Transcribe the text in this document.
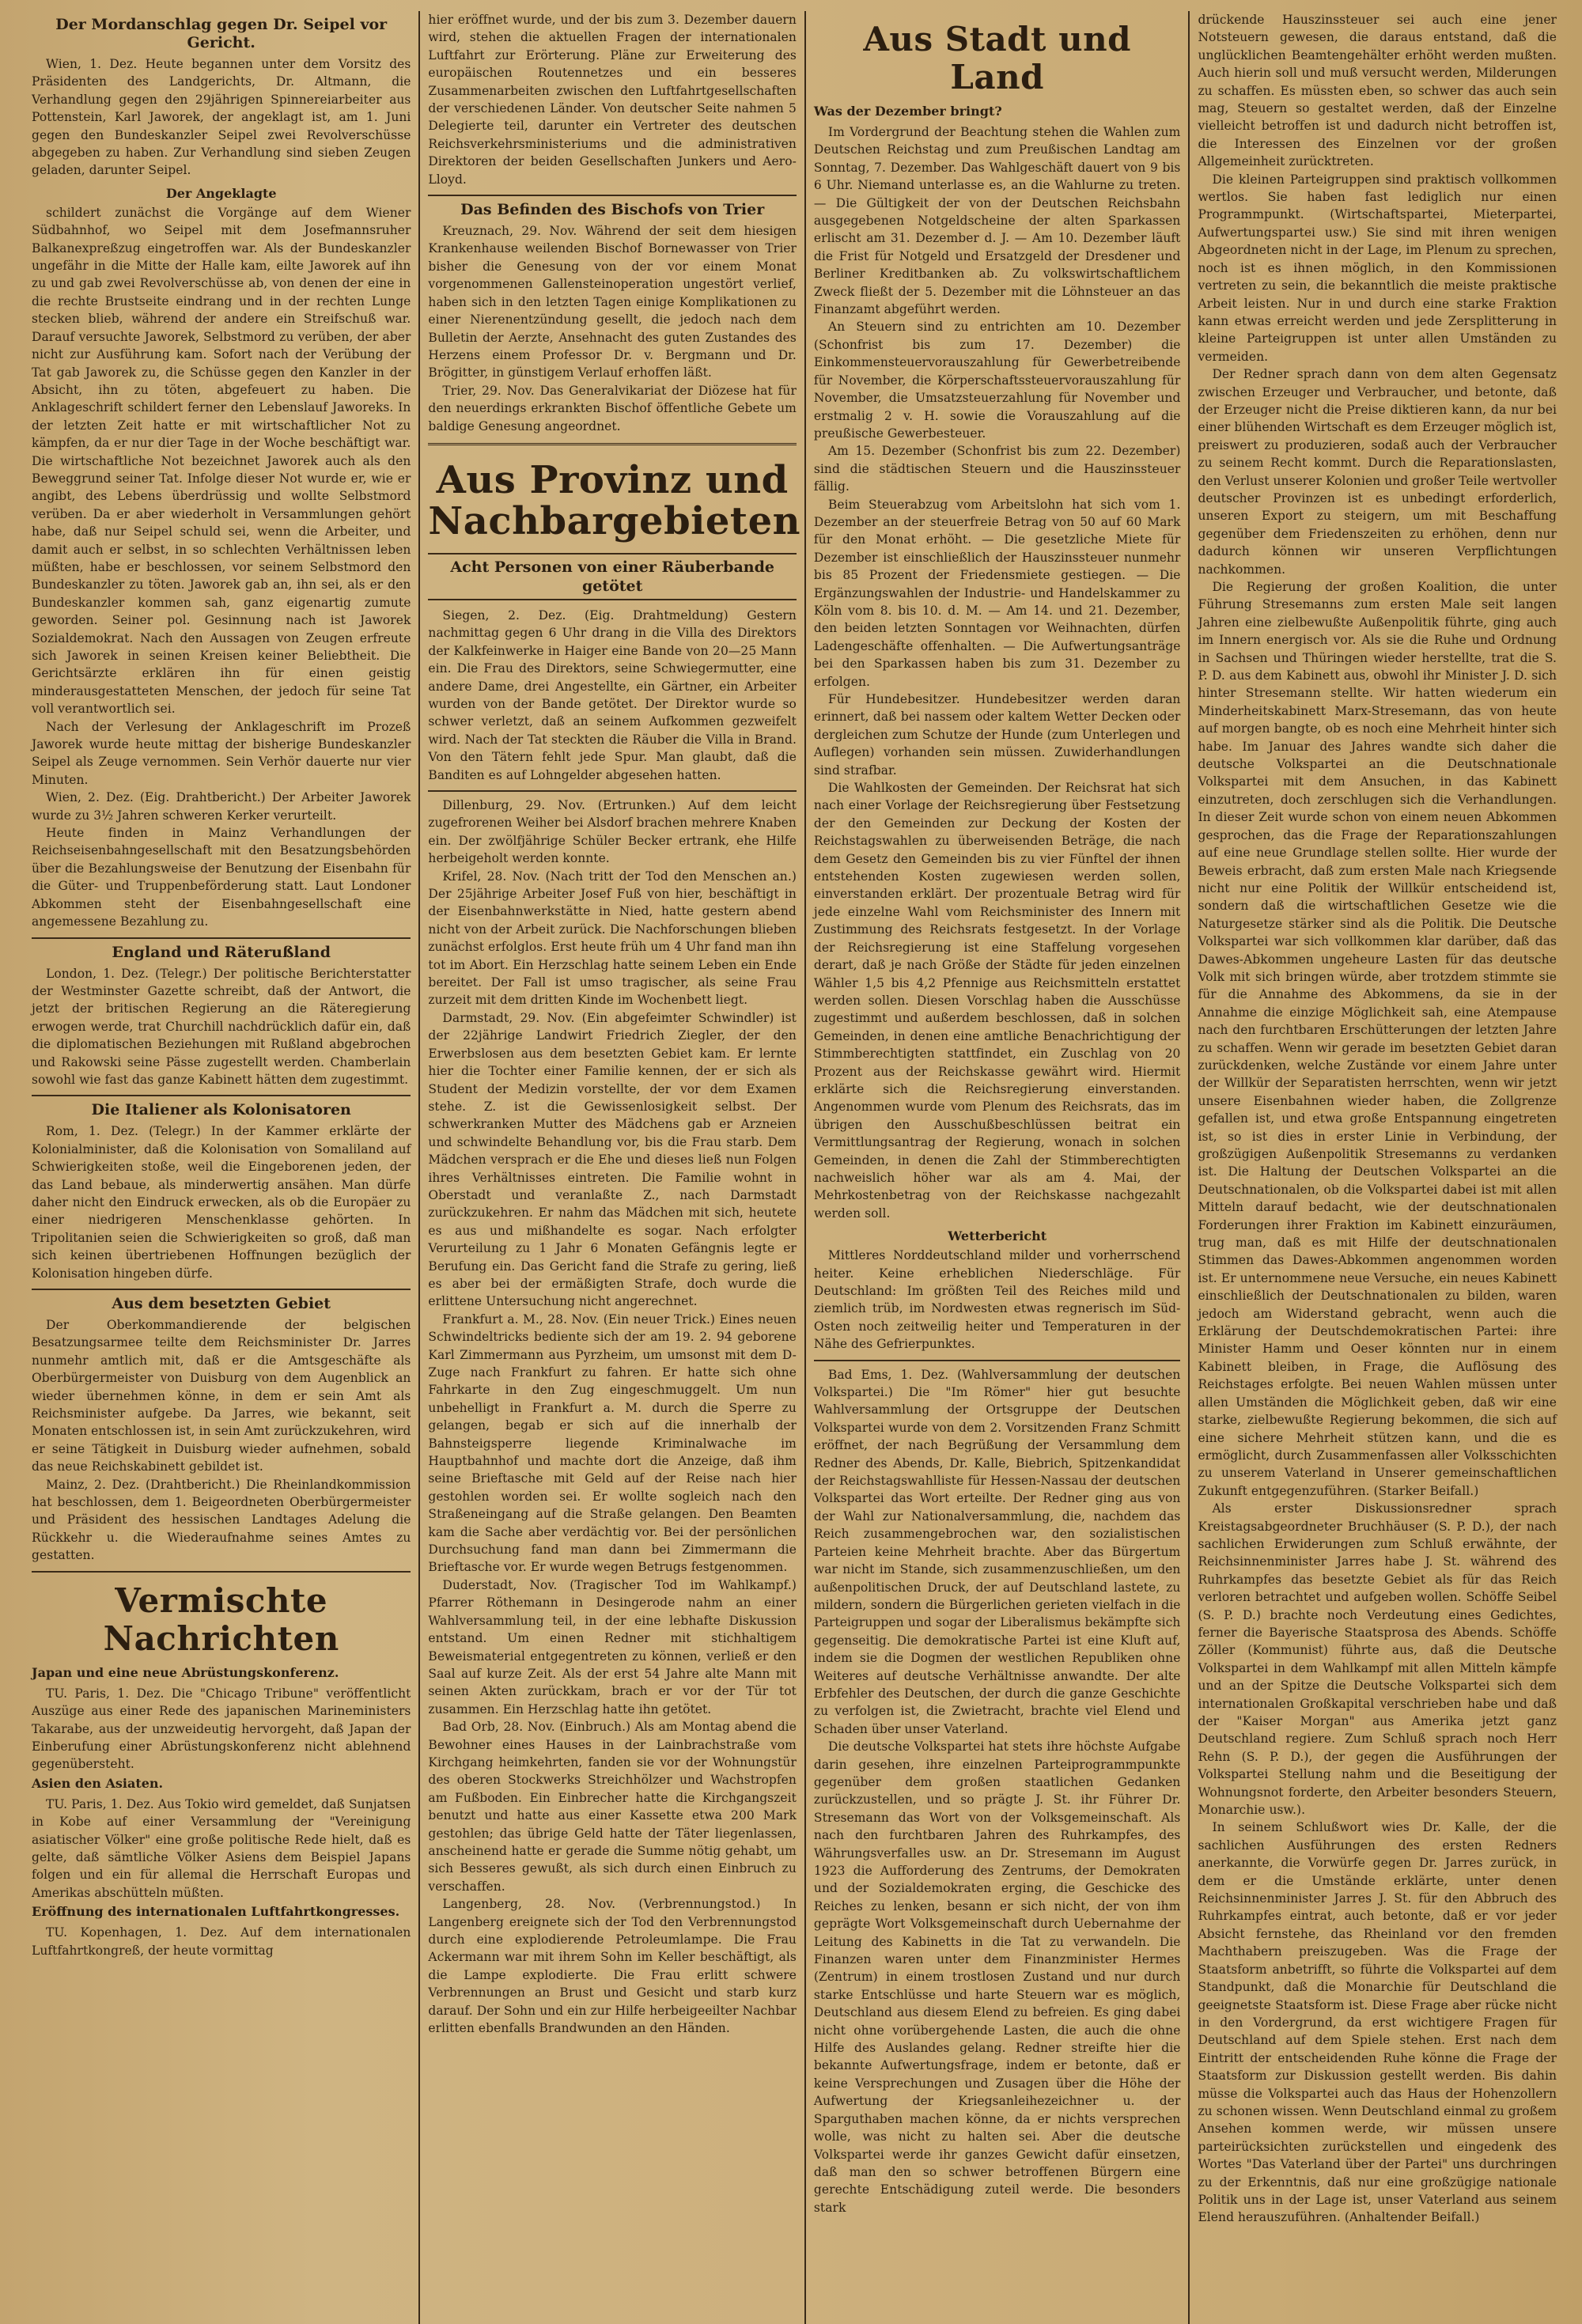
Der Mordanschlag gegen Dr. Seipel vor Gericht.

Wien, 1. Dez. Heute begannen unter dem Vorsitz des Präsidenten des Landgerichts, Dr. Altmann, die Verhandlung gegen den 29jährigen Spinnereiarbeiter aus Pottenstein, Karl Jaworek, der angeklagt ist, am 1. Juni gegen den Bundeskanzler Seipel zwei Revolverschüsse abgegeben zu haben. Zur Verhandlung sind sieben Zeugen geladen, darunter Seipel.

Der Angeklagte

schildert zunächst die Vorgänge auf dem Wiener Südbahnhof, wo Seipel mit dem Josefmannsruher Balkanexpreßzug eingetroffen war. Als der Bundeskanzler ungefähr in die Mitte der Halle kam, eilte Jaworek auf ihn zu und gab zwei Revolverschüsse ab, von denen der eine in die rechte Brustseite eindrang und in der rechten Lunge stecken blieb, während der andere ein Streifschuß war. Darauf versuchte Jaworek, Selbstmord zu verüben, der aber nicht zur Ausführung kam. Sofort nach der Verübung der Tat gab Jaworek zu, die Schüsse gegen den Kanzler in der Absicht, ihn zu töten, abgefeuert zu haben. Die Anklageschrift schildert ferner den Lebenslauf Jaworeks. In der letzten Zeit hatte er mit wirtschaftlicher Not zu kämpfen, da er nur dier Tage in der Woche beschäftigt war. Die wirtschaftliche Not bezeichnet Jaworek auch als den Beweggrund seiner Tat. Infolge dieser Not wurde er, wie er angibt, des Lebens überdrüssig und wollte Selbstmord verüben. Da er aber wiederholt in Versammlungen gehört habe, daß nur Seipel schuld sei, wenn die Arbeiter, und damit auch er selbst, in so schlechten Verhältnissen leben müßten, habe er beschlossen, vor seinem Selbstmord den Bundeskanzler zu töten. Jaworek gab an, ihn sei, als er den Bundeskanzler kommen sah, ganz eigenartig zumute geworden. Seiner pol. Gesinnung nach ist Jaworek Sozialdemokrat. Nach den Aussagen von Zeugen erfreute sich Jaworek in seinen Kreisen keiner Beliebtheit. Die Gerichtsärzte erklären ihn für einen geistig minderausgestatteten Menschen, der jedoch für seine Tat voll verantwortlich sei.

Nach der Verlesung der Anklageschrift im Prozeß Jaworek wurde heute mittag der bisherige Bundeskanzler Seipel als Zeuge vernommen. Sein Verhör dauerte nur vier Minuten.

Wien, 2. Dez. (Eig. Drahtbericht.) Der Arbeiter Jaworek wurde zu 3½ Jahren schweren Kerker verurteilt.

Heute finden in Mainz Verhandlungen der Reichseisenbahngesellschaft mit den Besatzungsbehörden über die Bezahlungsweise der Benutzung der Eisenbahn für die Güter- und Truppenbeförderung statt. Laut Londoner Abkommen steht der Eisenbahngesellschaft eine angemessene Bezahlung zu.

England und Räterußland

London, 1. Dez. (Telegr.) Der politische Berichterstatter der Westminster Gazette schreibt, daß der Antwort, die jetzt der britischen Regierung an die Räteregierung erwogen werde, trat Churchill nachdrücklich dafür ein, daß die diplomatischen Beziehungen mit Rußland abgebrochen und Rakowski seine Pässe zugestellt werden. Chamberlain sowohl wie fast das ganze Kabinett hätten dem zugestimmt.

Die Italiener als Kolonisatoren

Rom, 1. Dez. (Telegr.) In der Kammer erklärte der Kolonialminister, daß die Kolonisation von Somaliland auf Schwierigkeiten stoße, weil die Eingeborenen jeden, der das Land bebaue, als minderwertig ansähen. Man dürfe daher nicht den Eindruck erwecken, als ob die Europäer zu einer niedrigeren Menschenklasse gehörten. In Tripolitanien seien die Schwierigkeiten so groß, daß man sich keinen übertriebenen Hoffnungen bezüglich der Kolonisation hingeben dürfe.

Aus dem besetzten Gebiet

Der Oberkommandierende der belgischen Besatzungsarmee teilte dem Reichsminister Dr. Jarres nunmehr amtlich mit, daß er die Amtsgeschäfte als Oberbürgermeister von Duisburg von dem Augenblick an wieder übernehmen könne, in dem er sein Amt als Reichsminister aufgebe. Da Jarres, wie bekannt, seit Monaten entschlossen ist, in sein Amt zurückzukehren, wird er seine Tätigkeit in Duisburg wieder aufnehmen, sobald das neue Reichskabinett gebildet ist.

Mainz, 2. Dez. (Drahtbericht.) Die Rheinlandkommission hat beschlossen, dem 1. Beigeordneten Oberbürgermeister und Präsident des hessischen Landtages Adelung die Rückkehr u. die Wiederaufnahme seines Amtes zu gestatten.

Vermischte Nachrichten
Japan und eine neue Abrüstungskonferenz.

TU. Paris, 1. Dez. Die "Chicago Tribune" veröffentlicht Auszüge aus einer Rede des japanischen Marineministers Takarabe, aus der unzweideutig hervorgeht, daß Japan der Einberufung einer Abrüstungskonferenz nicht ablehnend gegenübersteht.

Asien den Asiaten.

TU. Paris, 1. Dez. Aus Tokio wird gemeldet, daß Sunjatsen in Kobe auf einer Versammlung der "Vereinigung asiatischer Völker" eine große politische Rede hielt, daß es gelte, daß sämtliche Völker Asiens dem Beispiel Japans folgen und ein für allemal die Herrschaft Europas und Amerikas abschütteln müßten.

Eröffnung des internationalen Luftfahrtkongresses.

TU. Kopenhagen, 1. Dez. Auf dem internationalen Luftfahrtkongreß, der heute vormittag

hier eröffnet wurde, und der bis zum 3. Dezember dauern wird, stehen die aktuellen Fragen der internationalen Luftfahrt zur Erörterung. Pläne zur Erweiterung des europäischen Routennetzes und ein besseres Zusammenarbeiten zwischen den Luftfahrtgesellschaften der verschiedenen Länder. Von deutscher Seite nahmen 5 Delegierte teil, darunter ein Vertreter des deutschen Reichsverkehrsministeriums und die administrativen Direktoren der beiden Gesellschaften Junkers und Aero-Lloyd.

Das Befinden des Bischofs von Trier

Kreuznach, 29. Nov. Während der seit dem hiesigen Krankenhause weilenden Bischof Bornewasser von Trier bisher die Genesung von der vor einem Monat vorgenommenen Gallensteinoperation ungestört verlief, haben sich in den letzten Tagen einige Komplikationen zu einer Nierenentzündung gesellt, die jedoch nach dem Bulletin der Aerzte, Ansehnacht des guten Zustandes des Herzens einem Professor Dr. v. Bergmann und Dr. Brögitter, in günstigem Verlauf erhoffen läßt.

Trier, 29. Nov. Das Generalvikariat der Diözese hat für den neuerdings erkrankten Bischof öffentliche Gebete um baldige Genesung angeordnet.

Aus Provinz und Nachbargebieten
Acht Personen von einer Räuberbande getötet

Siegen, 2. Dez. (Eig. Drahtmeldung) Gestern nachmittag gegen 6 Uhr drang in die Villa des Direktors der Kalkfeinwerke in Haiger eine Bande von 20—25 Mann ein. Die Frau des Direktors, seine Schwiegermutter, eine andere Dame, drei Angestellte, ein Gärtner, ein Arbeiter wurden von der Bande getötet. Der Direktor wurde so schwer verletzt, daß an seinem Aufkommen gezweifelt wird. Nach der Tat steckten die Räuber die Villa in Brand. Von den Tätern fehlt jede Spur. Man glaubt, daß die Banditen es auf Lohngelder abgesehen hatten.

Dillenburg, 29. Nov. (Ertrunken.) Auf dem leicht zugefrorenen Weiher bei Alsdorf brachen mehrere Knaben ein. Der zwölfjährige Schüler Becker ertrank, ehe Hilfe herbeigeholt werden konnte.

Krifel, 28. Nov. (Nach tritt der Tod den Menschen an.) Der 25jährige Arbeiter Josef Fuß von hier, beschäftigt in der Eisenbahnwerkstätte in Nied, hatte gestern abend nicht von der Arbeit zurück. Die Nachforschungen blieben zunächst erfolglos. Erst heute früh um 4 Uhr fand man ihn tot im Abort. Ein Herzschlag hatte seinem Leben ein Ende bereitet. Der Fall ist umso tragischer, als seine Frau zurzeit mit dem dritten Kinde im Wochenbett liegt.

Darmstadt, 29. Nov. (Ein abgefeimter Schwindler) ist der 22jährige Landwirt Friedrich Ziegler, der den Erwerbslosen aus dem besetzten Gebiet kam. Er lernte hier die Tochter einer Familie kennen, der er sich als Student der Medizin vorstellte, der vor dem Examen stehe. Z. ist die Gewissenlosigkeit selbst. Der schwerkranken Mutter des Mädchens gab er Arzneien und schwindelte Behandlung vor, bis die Frau starb. Dem Mädchen versprach er die Ehe und dieses ließ nun Folgen ihres Verhältnisses eintreten. Die Familie wohnt in Oberstadt und veranlaßte Z., nach Darmstadt zurückzukehren. Er nahm das Mädchen mit sich, heutete es aus und mißhandelte es sogar. Nach erfolgter Verurteilung zu 1 Jahr 6 Monaten Gefängnis legte er Berufung ein. Das Gericht fand die Strafe zu gering, ließ es aber bei der ermäßigten Strafe, doch wurde die erlittene Untersuchung nicht angerechnet.

Frankfurt a. M., 28. Nov. (Ein neuer Trick.) Eines neuen Schwindeltricks bediente sich der am 19. 2. 94 geborene Karl Zimmermann aus Pyrzheim, um umsonst mit dem D-Zuge nach Frankfurt zu fahren. Er hatte sich ohne Fahrkarte in den Zug eingeschmuggelt. Um nun unbehelligt in Frankfurt a. M. durch die Sperre zu gelangen, begab er sich auf die innerhalb der Bahnsteigsperre liegende Kriminalwache im Hauptbahnhof und machte dort die Anzeige, daß ihm seine Brieftasche mit Geld auf der Reise nach hier gestohlen worden sei. Er wollte sogleich nach den Straßeneingang auf die Straße gelangen. Den Beamten kam die Sache aber verdächtig vor. Bei der persönlichen Durchsuchung fand man dann bei Zimmermann die Brieftasche vor. Er wurde wegen Betrugs festgenommen.

Duderstadt, Nov. (Tragischer Tod im Wahlkampf.) Pfarrer Röthemann in Desingerode nahm an einer Wahlversammlung teil, in der eine lebhafte Diskussion entstand. Um einen Redner mit stichhaltigem Beweismaterial entgegentreten zu können, verließ er den Saal auf kurze Zeit. Als der erst 54 Jahre alte Mann mit seinen Akten zurückkam, brach er vor der Tür tot zusammen. Ein Herzschlag hatte ihn getötet.

Bad Orb, 28. Nov. (Einbruch.) Als am Montag abend die Bewohner eines Hauses in der Lainbrachstraße vom Kirchgang heimkehrten, fanden sie vor der Wohnungstür des oberen Stockwerks Streichhölzer und Wachstropfen am Fußboden. Ein Einbrecher hatte die Kirchgangszeit benutzt und hatte aus einer Kassette etwa 200 Mark gestohlen; das übrige Geld hatte der Täter liegenlassen, anscheinend hatte er gerade die Summe nötig gehabt, um sich Besseres gewußt, als sich durch einen Einbruch zu verschaffen.

Langenberg, 28. Nov. (Verbrennungstod.) In Langenberg ereignete sich der Tod den Verbrennungstod durch eine explodierende Petroleumlampe. Die Frau Ackermann war mit ihrem Sohn im Keller beschäftigt, als die Lampe explodierte. Die Frau erlitt schwere Verbrennungen an Brust und Gesicht und starb kurz darauf. Der Sohn und ein zur Hilfe herbeigeeilter Nachbar erlitten ebenfalls Brandwunden an den Händen.

Aus Stadt und Land
Was der Dezember bringt?

Im Vordergrund der Beachtung stehen die Wahlen zum Deutschen Reichstag und zum Preußischen Landtag am Sonntag, 7. Dezember. Das Wahlgeschäft dauert von 9 bis 6 Uhr. Niemand unterlasse es, an die Wahlurne zu treten. — Die Gültigkeit der von der Deutschen Reichsbahn ausgegebenen Notgeldscheine der alten Sparkassen erlischt am 31. Dezember d. J. — Am 10. Dezember läuft die Frist für Notgeld und Ersatzgeld der Dresdener und Berliner Kreditbanken ab. Zu volkswirtschaftlichem Zweck fließt der 5. Dezember mit die Löhnsteuer an das Finanzamt abgeführt werden.

An Steuern sind zu entrichten am 10. Dezember (Schonfrist bis zum 17. Dezember) die Einkommensteuervorauszahlung für Gewerbetreibende für November, die Körperschaftssteuervorauszahlung für November, die Umsatzsteuerzahlung für November und erstmalig 2 v. H. sowie die Vorauszahlung auf die preußische Gewerbesteuer.

Am 15. Dezember (Schonfrist bis zum 22. Dezember) sind die städtischen Steuern und die Hauszinssteuer fällig.

Beim Steuerabzug vom Arbeitslohn hat sich vom 1. Dezember an der steuerfreie Betrag von 50 auf 60 Mark für den Monat erhöht. — Die gesetzliche Miete für Dezember ist einschließlich der Hauszinssteuer nunmehr bis 85 Prozent der Friedensmiete gestiegen. — Die Ergänzungswahlen der Industrie- und Handelskammer zu Köln vom 8. bis 10. d. M. — Am 14. und 21. Dezember, den beiden letzten Sonntagen vor Weihnachten, dürfen Ladengeschäfte offenhalten. — Die Aufwertungsanträge bei den Sparkassen haben bis zum 31. Dezember zu erfolgen.

Für Hundebesitzer. Hundebesitzer werden daran erinnert, daß bei nassem oder kaltem Wetter Decken oder dergleichen zum Schutze der Hunde (zum Unterlegen und Auflegen) vorhanden sein müssen. Zuwiderhandlungen sind strafbar.

Die Wahlkosten der Gemeinden. Der Reichsrat hat sich nach einer Vorlage der Reichsregierung über Festsetzung der den Gemeinden zur Deckung der Kosten der Reichstagswahlen zu überweisenden Beträge, die nach dem Gesetz den Gemeinden bis zu vier Fünftel der ihnen entstehenden Kosten zugewiesen werden sollen, einverstanden erklärt. Der prozentuale Betrag wird für jede einzelne Wahl vom Reichsminister des Innern mit Zustimmung des Reichsrats festgesetzt. In der Vorlage der Reichsregierung ist eine Staffelung vorgesehen derart, daß je nach Größe der Städte für jeden einzelnen Wähler 1,5 bis 4,2 Pfennige aus Reichsmitteln erstattet werden sollen. Diesen Vorschlag haben die Ausschüsse zugestimmt und außerdem beschlossen, daß in solchen Gemeinden, in denen eine amtliche Benachrichtigung der Stimmberechtigten stattfindet, ein Zuschlag von 20 Prozent aus der Reichskasse gewährt wird. Hiermit erklärte sich die Reichsregierung einverstanden. Angenommen wurde vom Plenum des Reichsrats, das im übrigen den Ausschußbeschlüssen beitrat ein Vermittlungsantrag der Regierung, wonach in solchen Gemeinden, in denen die Zahl der Stimmberechtigten nachweislich höher war als am 4. Mai, der Mehrkostenbetrag von der Reichskasse nachgezahlt werden soll.

Wetterbericht

Mittleres Norddeutschland milder und vorherrschend heiter. Keine erheblichen Niederschläge. Für Deutschland: Im größten Teil des Reiches mild und ziemlich trüb, im Nordwesten etwas regnerisch im Süd-Osten noch zeitweilig heiter und Temperaturen in der Nähe des Gefrierpunktes.

Bad Ems, 1. Dez. (Wahlversammlung der deutschen Volkspartei.) Die "Im Römer" hier gut besuchte Wahlversammlung der Ortsgruppe der Deutschen Volkspartei wurde von dem 2. Vorsitzenden Franz Schmitt eröffnet, der nach Begrüßung der Versammlung dem Redner des Abends, Dr. Kalle, Biebrich, Spitzenkandidat der Reichstagswahlliste für Hessen-Nassau der deutschen Volkspartei das Wort erteilte. Der Redner ging aus von der Wahl zur Nationalversammlung, die, nachdem das Reich zusammengebrochen war, den sozialistischen Parteien keine Mehrheit brachte. Aber das Bürgertum war nicht im Stande, sich zusammenzuschließen, um den außenpolitischen Druck, der auf Deutschland lastete, zu mildern, sondern die Bürgerlichen gerieten vielfach in die Parteigruppen und sogar der Liberalismus bekämpfte sich gegenseitig. Die demokratische Partei ist eine Kluft auf, indem sie die Dogmen der westlichen Republiken ohne Weiteres auf deutsche Verhältnisse anwandte. Der alte Erbfehler des Deutschen, der durch die ganze Geschichte zu verfolgen ist, die Zwietracht, brachte viel Elend und Schaden über unser Vaterland.

Die deutsche Volkspartei hat stets ihre höchste Aufgabe darin gesehen, ihre einzelnen Parteiprogrammpunkte gegenüber dem großen staatlichen Gedanken zurückzustellen, und so prägte J. St. ihr Führer Dr. Stresemann das Wort von der Volksgemeinschaft. Als nach den furchtbaren Jahren des Ruhrkampfes, des Währungsverfalles usw. an Dr. Stresemann im August 1923 die Aufforderung des Zentrums, der Demokraten und der Sozialdemokraten erging, die Geschicke des Reiches zu lenken, besann er sich nicht, der von ihm geprägte Wort Volksgemeinschaft durch Uebernahme der Leitung des Kabinetts in die Tat zu verwandeln. Die Finanzen waren unter dem Finanzminister Hermes (Zentrum) in einem trostlosen Zustand und nur durch starke Entschlüsse und harte Steuern war es möglich, Deutschland aus diesem Elend zu befreien. Es ging dabei nicht ohne vorübergehende Lasten, die auch die ohne Hilfe des Auslandes gelang. Redner streifte hier die bekannte Aufwertungsfrage, indem er betonte, daß er keine Versprechungen und Zusagen über die Höhe der Aufwertung der Kriegsanleihezeichner u. der Sparguthaben machen könne, da er nichts versprechen wolle, was nicht zu halten sei. Aber die deutsche Volkspartei werde ihr ganzes Gewicht dafür einsetzen, daß man den so schwer betroffenen Bürgern eine gerechte Entschädigung zuteil werde. Die besonders stark

drückende Hauszinssteuer sei auch eine jener Notsteuern gewesen, die daraus entstand, daß die unglücklichen Beamtengehälter erhöht werden mußten. Auch hierin soll und muß versucht werden, Milderungen zu schaffen. Es müssten eben, so schwer das auch sein mag, Steuern so gestaltet werden, daß der Einzelne vielleicht betroffen ist und dadurch nicht betroffen ist, die Interessen des Einzelnen vor der großen Allgemeinheit zurücktreten.

Die kleinen Parteigruppen sind praktisch vollkommen wertlos. Sie haben fast lediglich nur einen Programmpunkt. (Wirtschaftspartei, Mieterpartei, Aufwertungspartei usw.) Sie sind mit ihren wenigen Abgeordneten nicht in der Lage, im Plenum zu sprechen, noch ist es ihnen möglich, in den Kommissionen vertreten zu sein, die bekanntlich die meiste praktische Arbeit leisten. Nur in und durch eine starke Fraktion kann etwas erreicht werden und jede Zersplitterung in kleine Parteigruppen ist unter allen Umständen zu vermeiden.

Der Redner sprach dann von dem alten Gegensatz zwischen Erzeuger und Verbraucher, und betonte, daß der Erzeuger nicht die Preise diktieren kann, da nur bei einer blühenden Wirtschaft es dem Erzeuger möglich ist, preiswert zu produzieren, sodaß auch der Verbraucher zu seinem Recht kommt. Durch die Reparationslasten, den Verlust unserer Kolonien und großer Teile wertvoller deutscher Provinzen ist es unbedingt erforderlich, unseren Export zu steigern, um mit Beschaffung gegenüber dem Friedenszeiten zu erhöhen, denn nur dadurch können wir unseren Verpflichtungen nachkommen.

Die Regierung der großen Koalition, die unter Führung Stresemanns zum ersten Male seit langen Jahren eine zielbewußte Außenpolitik führte, ging auch im Innern energisch vor. Als sie die Ruhe und Ordnung in Sachsen und Thüringen wieder herstellte, trat die S. P. D. aus dem Kabinett aus, obwohl ihr Minister J. D. sich hinter Stresemann stellte. Wir hatten wiederum ein Minderheitskabinett Marx-Stresemann, das von heute auf morgen bangte, ob es noch eine Mehrheit hinter sich habe. Im Januar des Jahres wandte sich daher die deutsche Volkspartei an die Deutschnationale Volkspartei mit dem Ansuchen, in das Kabinett einzutreten, doch zerschlugen sich die Verhandlungen. In dieser Zeit wurde schon von einem neuen Abkommen gesprochen, das die Frage der Reparationszahlungen auf eine neue Grundlage stellen sollte. Hier wurde der Beweis erbracht, daß zum ersten Male nach Kriegsende nicht nur eine Politik der Willkür entscheidend ist, sondern daß die wirtschaftlichen Gesetze wie die Naturgesetze stärker sind als die Politik. Die Deutsche Volkspartei war sich vollkommen klar darüber, daß das Dawes-Abkommen ungeheure Lasten für das deutsche Volk mit sich bringen würde, aber trotzdem stimmte sie für die Annahme des Abkommens, da sie in der Annahme die einzige Möglichkeit sah, eine Atempause nach den furchtbaren Erschütterungen der letzten Jahre zu schaffen. Wenn wir gerade im besetzten Gebiet daran zurückdenken, welche Zustände vor einem Jahre unter der Willkür der Separatisten herrschten, wenn wir jetzt unsere Eisenbahnen wieder haben, die Zollgrenze gefallen ist, und etwa große Entspannung eingetreten ist, so ist dies in erster Linie in Verbindung, der großzügigen Außenpolitik Stresemanns zu verdanken ist. Die Haltung der Deutschen Volkspartei an die Deutschnationalen, ob die Volkspartei dabei ist mit allen Mitteln darauf bedacht, wie der deutschnationalen Forderungen ihrer Fraktion im Kabinett einzuräumen, trug man, daß es mit Hilfe der deutschnationalen Stimmen das Dawes-Abkommen angenommen worden ist. Er unternommene neue Versuche, ein neues Kabinett einschließlich der Deutschnationalen zu bilden, waren jedoch am Widerstand gebracht, wenn auch die Erklärung der Deutschdemokratischen Partei: ihre Minister Hamm und Oeser könnten nur in einem Kabinett bleiben, in Frage, die Auflösung des Reichstages erfolgte. Bei neuen Wahlen müssen unter allen Umständen die Möglichkeit geben, daß wir eine starke, zielbewußte Regierung bekommen, die sich auf eine sichere Mehrheit stützen kann, und die es ermöglicht, durch Zusammenfassen aller Volksschichten zu unserem Vaterland in Unserer gemeinschaftlichen Zukunft entgegenzuführen. (Starker Beifall.)

Als erster Diskussionsredner sprach Kreistagsabgeordneter Bruchhäuser (S. P. D.), der nach sachlichen Erwiderungen zum Schluß erwähnte, der Reichsinnenminister Jarres habe J. St. während des Ruhrkampfes das besetzte Gebiet als für das Reich verloren betrachtet und aufgeben wollen. Schöffe Seibel (S. P. D.) brachte noch Verdeutung eines Gedichtes, ferner die Bayerische Staatsprosa des Abends. Schöffe Zöller (Kommunist) führte aus, daß die Deutsche Volkspartei in dem Wahlkampf mit allen Mitteln kämpfe und an der Spitze die Deutsche Volkspartei sich dem internationalen Großkapital verschrieben habe und daß der "Kaiser Morgan" aus Amerika jetzt ganz Deutschland regiere. Zum Schluß sprach noch Herr Rehn (S. P. D.), der gegen die Ausführungen der Volkspartei Stellung nahm und die Beseitigung der Wohnungsnot forderte, den Arbeiter besonders Steuern, Monarchie usw.).

In seinem Schlußwort wies Dr. Kalle, der die sachlichen Ausführungen des ersten Redners anerkannte, die Vorwürfe gegen Dr. Jarres zurück, in dem er die Umstände erklärte, unter denen Reichsinnenminister Jarres J. St. für den Abbruch des Ruhrkampfes eintrat, auch betonte, daß er vor jeder Absicht fernstehe, das Rheinland vor den fremden Machthabern preiszugeben. Was die Frage der Staatsform anbetrifft, so führte die Volkspartei auf dem Standpunkt, daß die Monarchie für Deutschland die geeignetste Staatsform ist. Diese Frage aber rücke nicht in den Vordergrund, da erst wichtigere Fragen für Deutschland auf dem Spiele stehen. Erst nach dem Eintritt der entscheidenden Ruhe könne die Frage der Staatsform zur Diskussion gestellt werden. Bis dahin müsse die Volkspartei auch das Haus der Hohenzollern zu schonen wissen. Wenn Deutschland einmal zu großem Ansehen kommen werde, wir müssen unsere parteirücksichten zurückstellen und eingedenk des Wortes "Das Vaterland über der Partei" uns durchringen zu der Erkenntnis, daß nur eine großzügige nationale Politik uns in der Lage ist, unser Vaterland aus seinem Elend herauszuführen. (Anhaltender Beifall.)
